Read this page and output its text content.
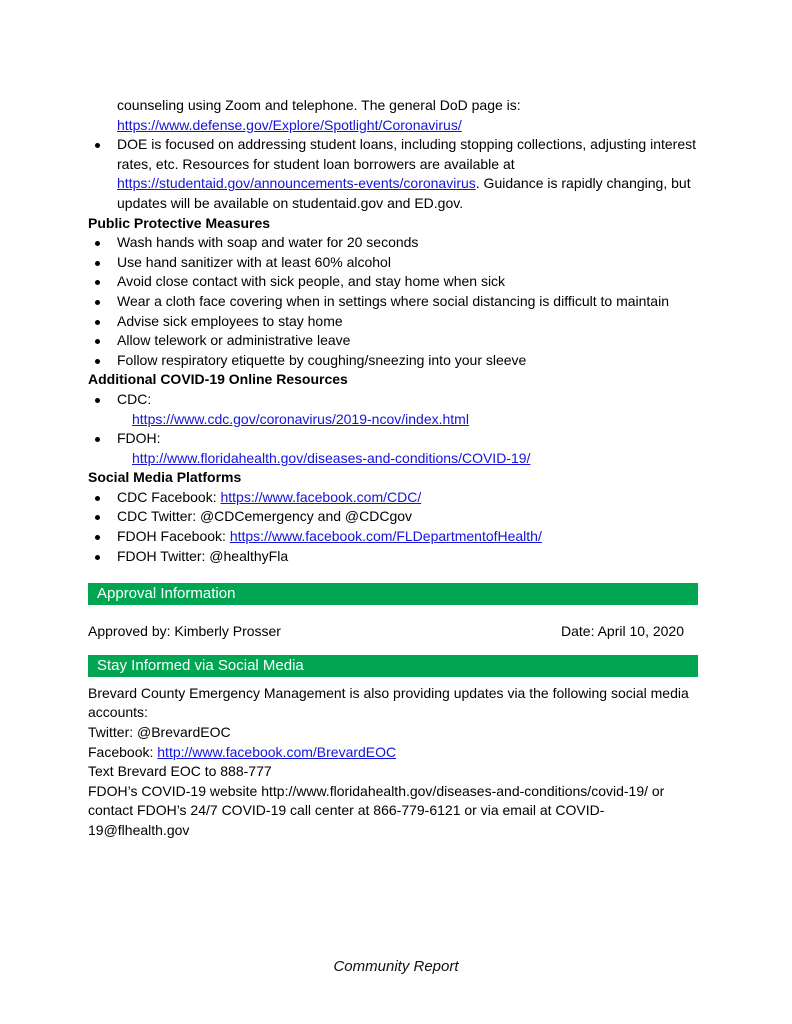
counseling using Zoom and telephone. The general DoD page is:
https://www.defense.gov/Explore/Spotlight/Coronavirus/
DOE is focused on addressing student loans, including stopping collections, adjusting interest rates, etc. Resources for student loan borrowers are available at https://studentaid.gov/announcements-events/coronavirus. Guidance is rapidly changing, but updates will be available on studentaid.gov and ED.gov.
Public Protective Measures
Wash hands with soap and water for 20 seconds
Use hand sanitizer with at least 60% alcohol
Avoid close contact with sick people, and stay home when sick
Wear a cloth face covering when in settings where social distancing is difficult to maintain
Advise sick employees to stay home
Allow telework or administrative leave
Follow respiratory etiquette by coughing/sneezing into your sleeve
Additional COVID-19 Online Resources
CDC:
https://www.cdc.gov/coronavirus/2019-ncov/index.html
FDOH:
http://www.floridahealth.gov/diseases-and-conditions/COVID-19/
Social Media Platforms
CDC Facebook: https://www.facebook.com/CDC/
CDC Twitter: @CDCemergency and @CDCgov
FDOH Facebook: https://www.facebook.com/FLDepartmentofHealth/
FDOH Twitter: @healthyFla
Approval Information
Approved by: Kimberly Prosser	Date: April 10, 2020
Stay Informed via Social Media
Brevard County Emergency Management is also providing updates via the following social media accounts:
Twitter: @BrevardEOC
Facebook: http://www.facebook.com/BrevardEOC
Text Brevard EOC to 888-777
FDOH’s COVID-19 website http://www.floridahealth.gov/diseases-and-conditions/covid-19/ or contact FDOH’s 24/7 COVID-19 call center at 866-779-6121 or via email at COVID-19@flhealth.gov
Community Report
